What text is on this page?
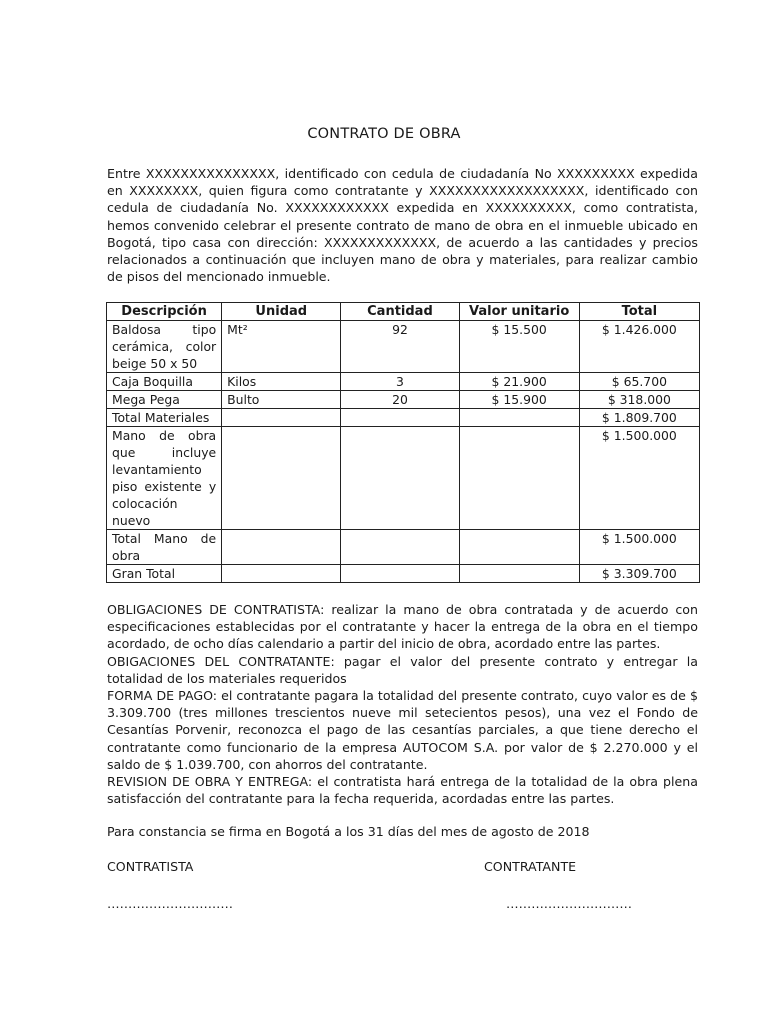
CONTRATO DE OBRA

Entre XXXXXXXXXXXXXXX, identificado con cedula de ciudadanía No XXXXXXXXX expedida en XXXXXXXX, quien figura como contratante y XXXXXXXXXXXXXXXXXX, identificado con cedula de ciudadanía No. XXXXXXXXXXXX expedida en XXXXXXXXXX, como contratista, hemos convenido celebrar el presente contrato de mano de obra en el inmueble ubicado en Bogotá, tipo casa con dirección: XXXXXXXXXXXXX, de acuerdo a las cantidades y precios relacionados a continuación que incluyen mano de obra y materiales, para realizar cambio de pisos del mencionado inmueble.

Descripción	Unidad	Cantidad	Valor unitario	Total
Baldosa tipo cerámica, color beige 50 x 50	Mt²	92	$ 15.500	$ 1.426.000
Caja Boquilla	Kilos	3	$ 21.900	$ 65.700
Mega Pega	Bulto	20	$ 15.900	$ 318.000
Total Materiales				$ 1.809.700
Mano de obra que incluye levantamiento piso existente y colocación nuevo				$ 1.500.000
Total Mano de obra				$ 1.500.000
Gran Total				$ 3.309.700

OBLIGACIONES DE CONTRATISTA: realizar la mano de obra contratada y de acuerdo con especificaciones establecidas por el contratante y hacer la entrega de la obra en el tiempo acordado, de ocho días calendario a partir del inicio de obra, acordado entre las partes.

OBIGACIONES DEL CONTRATANTE: pagar el valor del presente contrato y entregar la totalidad de los materiales requeridos

FORMA DE PAGO: el contratante pagara la totalidad del presente contrato, cuyo valor es de $ 3.309.700 (tres millones trescientos nueve mil setecientos pesos), una vez el Fondo de Cesantías Porvenir, reconozca el pago de las cesantías parciales, a que tiene derecho el contratante como funcionario de la empresa AUTOCOM S.A. por valor de $ 2.270.000 y el saldo de $ 1.039.700, con ahorros del contratante.

REVISION DE OBRA Y ENTREGA: el contratista hará entrega de la totalidad de la obra plena satisfacción del contratante para la fecha requerida, acordadas entre las partes.

Para constancia se firma en Bogotá a los 31 días del mes de agosto de 2018
CONTRATISTA	CONTRATANTE
…………………………	…………………………
